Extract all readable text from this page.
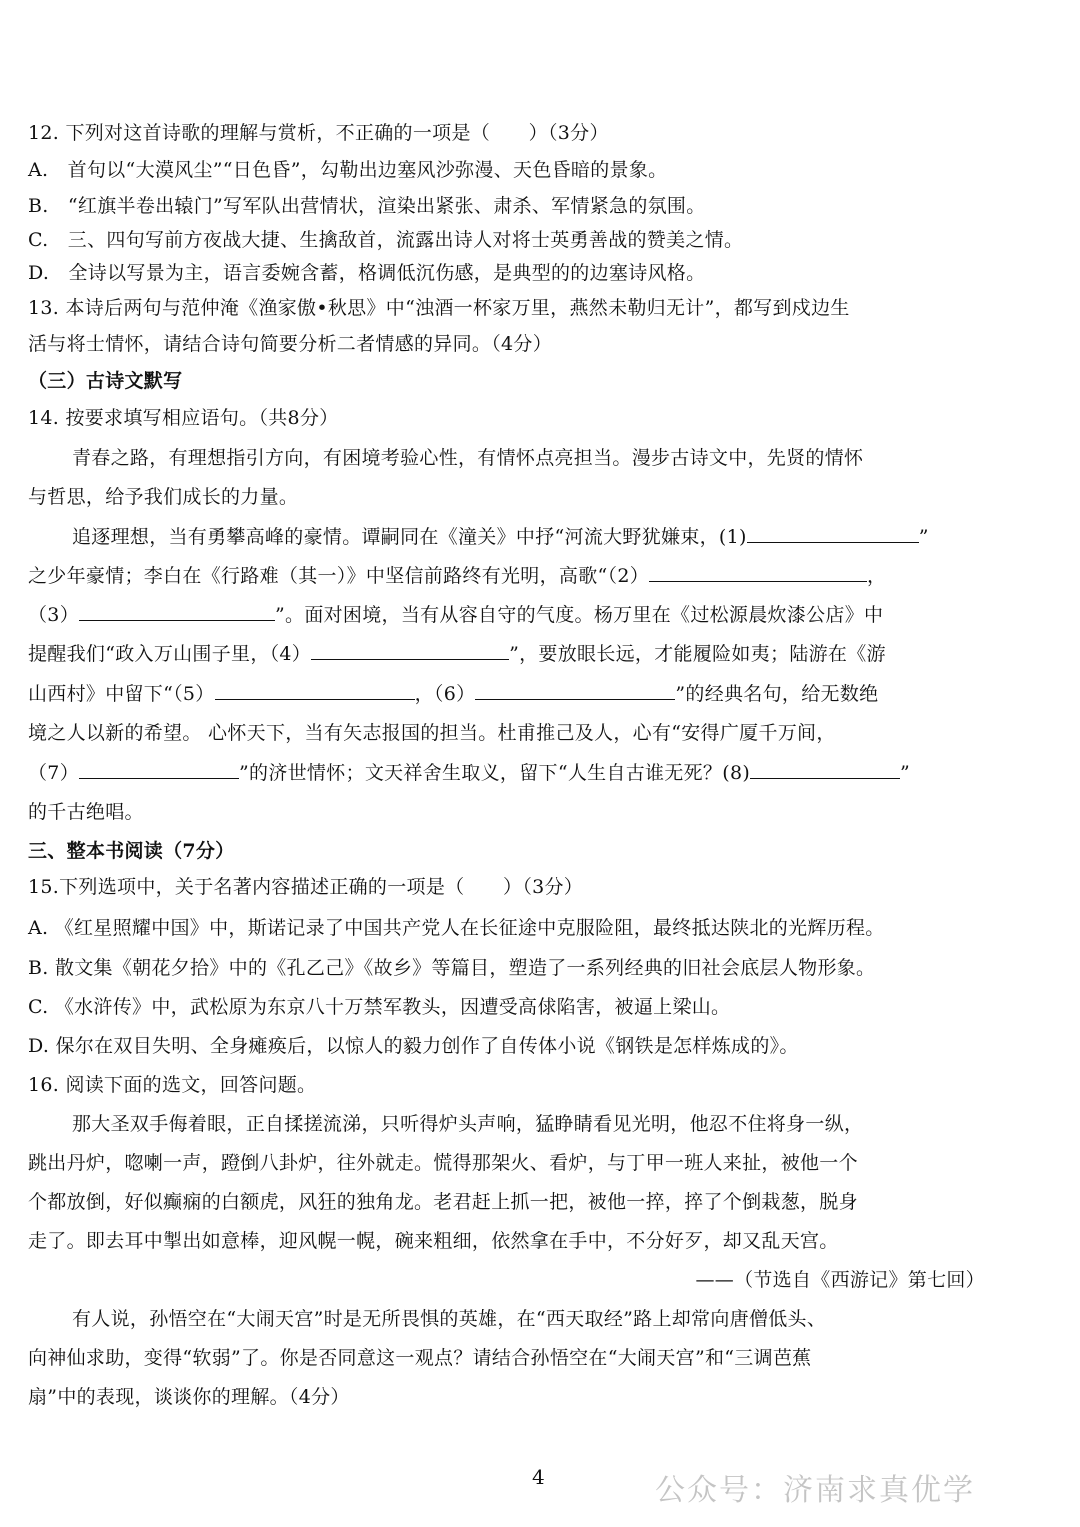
12. 下列对这首诗歌的理解与赏析，不正确的一项是（　　）（3分）
A.　首句以“大漠风尘”“日色昏”，勾勒出边塞风沙弥漫、天色昏暗的景象。
B.　“红旗半卷出辕门”写军队出营情状，渲染出紧张、肃杀、军情紧急的氛围。
C.　三、四句写前方夜战大捷、生擒敌首，流露出诗人对将士英勇善战的赞美之情。
D.　全诗以写景为主，语言委婉含蓄，格调低沉伤感，是典型的的边塞诗风格。
13. 本诗后两句与范仲淹《渔家傲•秋思》中“浊酒一杯家万里，燕然未勒归无计”，都写到戍边生
活与将士情怀，请结合诗句简要分析二者情感的异同。（4分）
（三）古诗文默写
14. 按要求填写相应语句。（共8分）
青春之路，有理想指引方向，有困境考验心性，有情怀点亮担当。漫步古诗文中，先贤的情怀
与哲思，给予我们成长的力量。
追逐理想，当有勇攀高峰的豪情。谭嗣同在《潼关》中抒“河流大野犹嫌束，(1)	”
之少年豪情；李白在《行路难（其一）》中坚信前路终有光明，高歌“（2）	，
（3）	”。面对困境，当有从容自守的气度。杨万里在《过松源晨炊漆公店》中
提醒我们“政入万山围子里，（4）	”，要放眼长远，才能履险如夷；陆游在《游
山西村》中留下“（5）	，（6）	”的经典名句，给无数绝
境之人以新的希望。 心怀天下，当有矢志报国的担当。杜甫推己及人，心有“安得广厦千万间，
（7）	”的济世情怀；文天祥舍生取义，留下“人生自古谁无死？(8)	”
的千古绝唱。
三、整本书阅读（7分）
15.下列选项中，关于名著内容描述正确的一项是（　　）（3分）
A. 《红星照耀中国》中，斯诺记录了中国共产党人在长征途中克服险阻，最终抵达陕北的光辉历程。
B. 散文集《朝花夕拾》中的《孔乙己》《故乡》等篇目，塑造了一系列经典的旧社会底层人物形象。
C. 《水浒传》中，武松原为东京八十万禁军教头，因遭受高俅陷害，被逼上梁山。
D. 保尔在双目失明、全身瘫痪后，以惊人的毅力创作了自传体小说《钢铁是怎样炼成的》。
16. 阅读下面的选文，回答问题。
那大圣双手侮着眼，正自揉搓流涕，只听得炉头声响，猛睁睛看见光明，他忍不住将身一纵，
跳出丹炉，唿喇一声，蹬倒八卦炉，往外就走。慌得那架火、看炉，与丁甲一班人来扯，被他一个
个都放倒，好似癫痫的白额虎，风狂的独角龙。老君赶上抓一把，被他一捽，捽了个倒栽葱，脱身
走了。即去耳中掣出如意棒，迎风幌一幌，碗来粗细，依然拿在手中，不分好歹，却又乱天宫。
——（节选自《西游记》第七回）
有人说，孙悟空在“大闹天宫”时是无所畏惧的英雄，在“西天取经”路上却常向唐僧低头、
向神仙求助，变得“软弱”了。你是否同意这一观点？请结合孙悟空在“大闹天宫”和“三调芭蕉
扇”中的表现，谈谈你的理解。（4分）
4	公众号：济南求真优学
